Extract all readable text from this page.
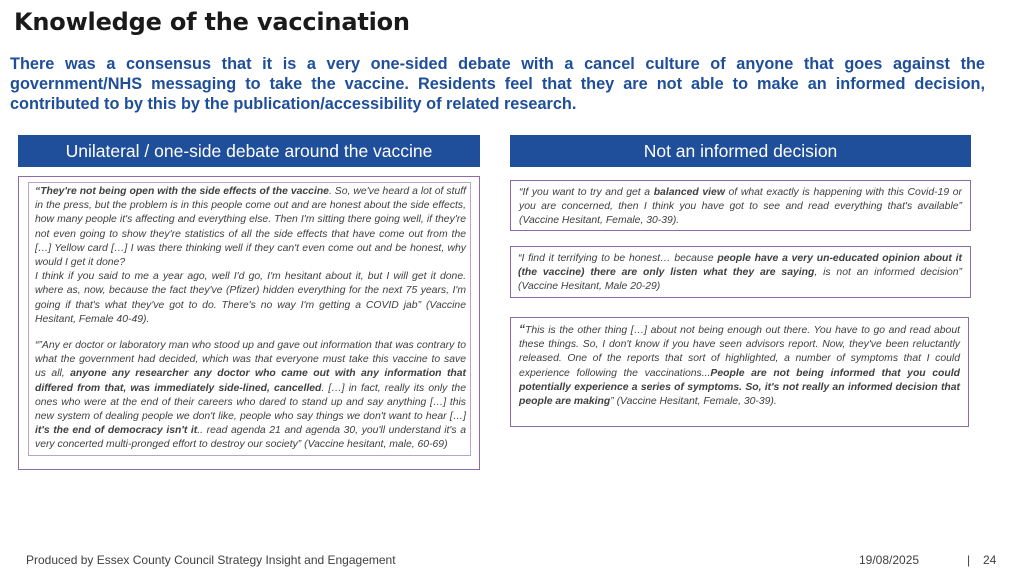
Knowledge of the vaccination
There was a consensus that it is a very one-sided debate with a cancel culture of anyone that goes against the government/NHS messaging to take the vaccine. Residents feel that they are not able to make an informed decision, contributed to by this by the publication/accessibility of related research.
Unilateral / one-side debate around the vaccine	Not an informed decision

“They're not being open with the side effects of the vaccine. So, we've heard a lot of stuff in the press, but the problem is in this people come out and are honest about the side effects, how many people it's affecting and everything else. Then I'm sitting there going well, if they're not even going to show they're statistics of all the side effects that have come out from the […] Yellow card […] I was there thinking well if they can't even come out and be honest, why would I get it done?
I think if you said to me a year ago, well I'd go, I'm hesitant about it, but I will get it done. where as, now, because the fact they've (Pfizer) hidden everything for the next 75 years, I'm going if that's what they've got to do. There's no way I'm getting a COVID jab” (Vaccine Hesitant, Female 40-49).

“”Any er doctor or laboratory man who stood up and gave out information that was contrary to what the government had decided, which was that everyone must take this vaccine to save us all, anyone any researcher any doctor who came out with any information that differed from that, was immediately side-lined, cancelled. […] in fact, really its only the ones who were at the end of their careers who dared to stand up and say anything […] this new system of dealing people we don't like, people who say things we don't want to hear […] it's the end of democracy isn't it.. read agenda 21 and agenda 30, you'll understand it's a very concerted multi-pronged effort to destroy our society” (Vaccine hesitant, male, 60-69)

“If you want to try and get a balanced view of what exactly is happening with this Covid-19 or you are concerned, then I think you have got to see and read everything that's available” (Vaccine Hesitant, Female, 30-39).
“I find it terrifying to be honest… because people have a very un-educated opinion about it (the vaccine) there are only listen what they are saying, is not an informed decision” (Vaccine Hesitant, Male 20-29)
“This is the other thing […] about not being enough out there. You have to go and read about these things. So, I don't know if you have seen advisors report. Now, they've been reluctantly released. One of the reports that sort of highlighted, a number of symptoms that I could experience following the vaccinations...People are not being informed that you could potentially experience a series of symptoms. So, it's not really an informed decision that people are making” (Vaccine Hesitant, Female, 30-39).
Produced by Essex County Council Strategy Insight and Engagement	19/08/2025	| 24
